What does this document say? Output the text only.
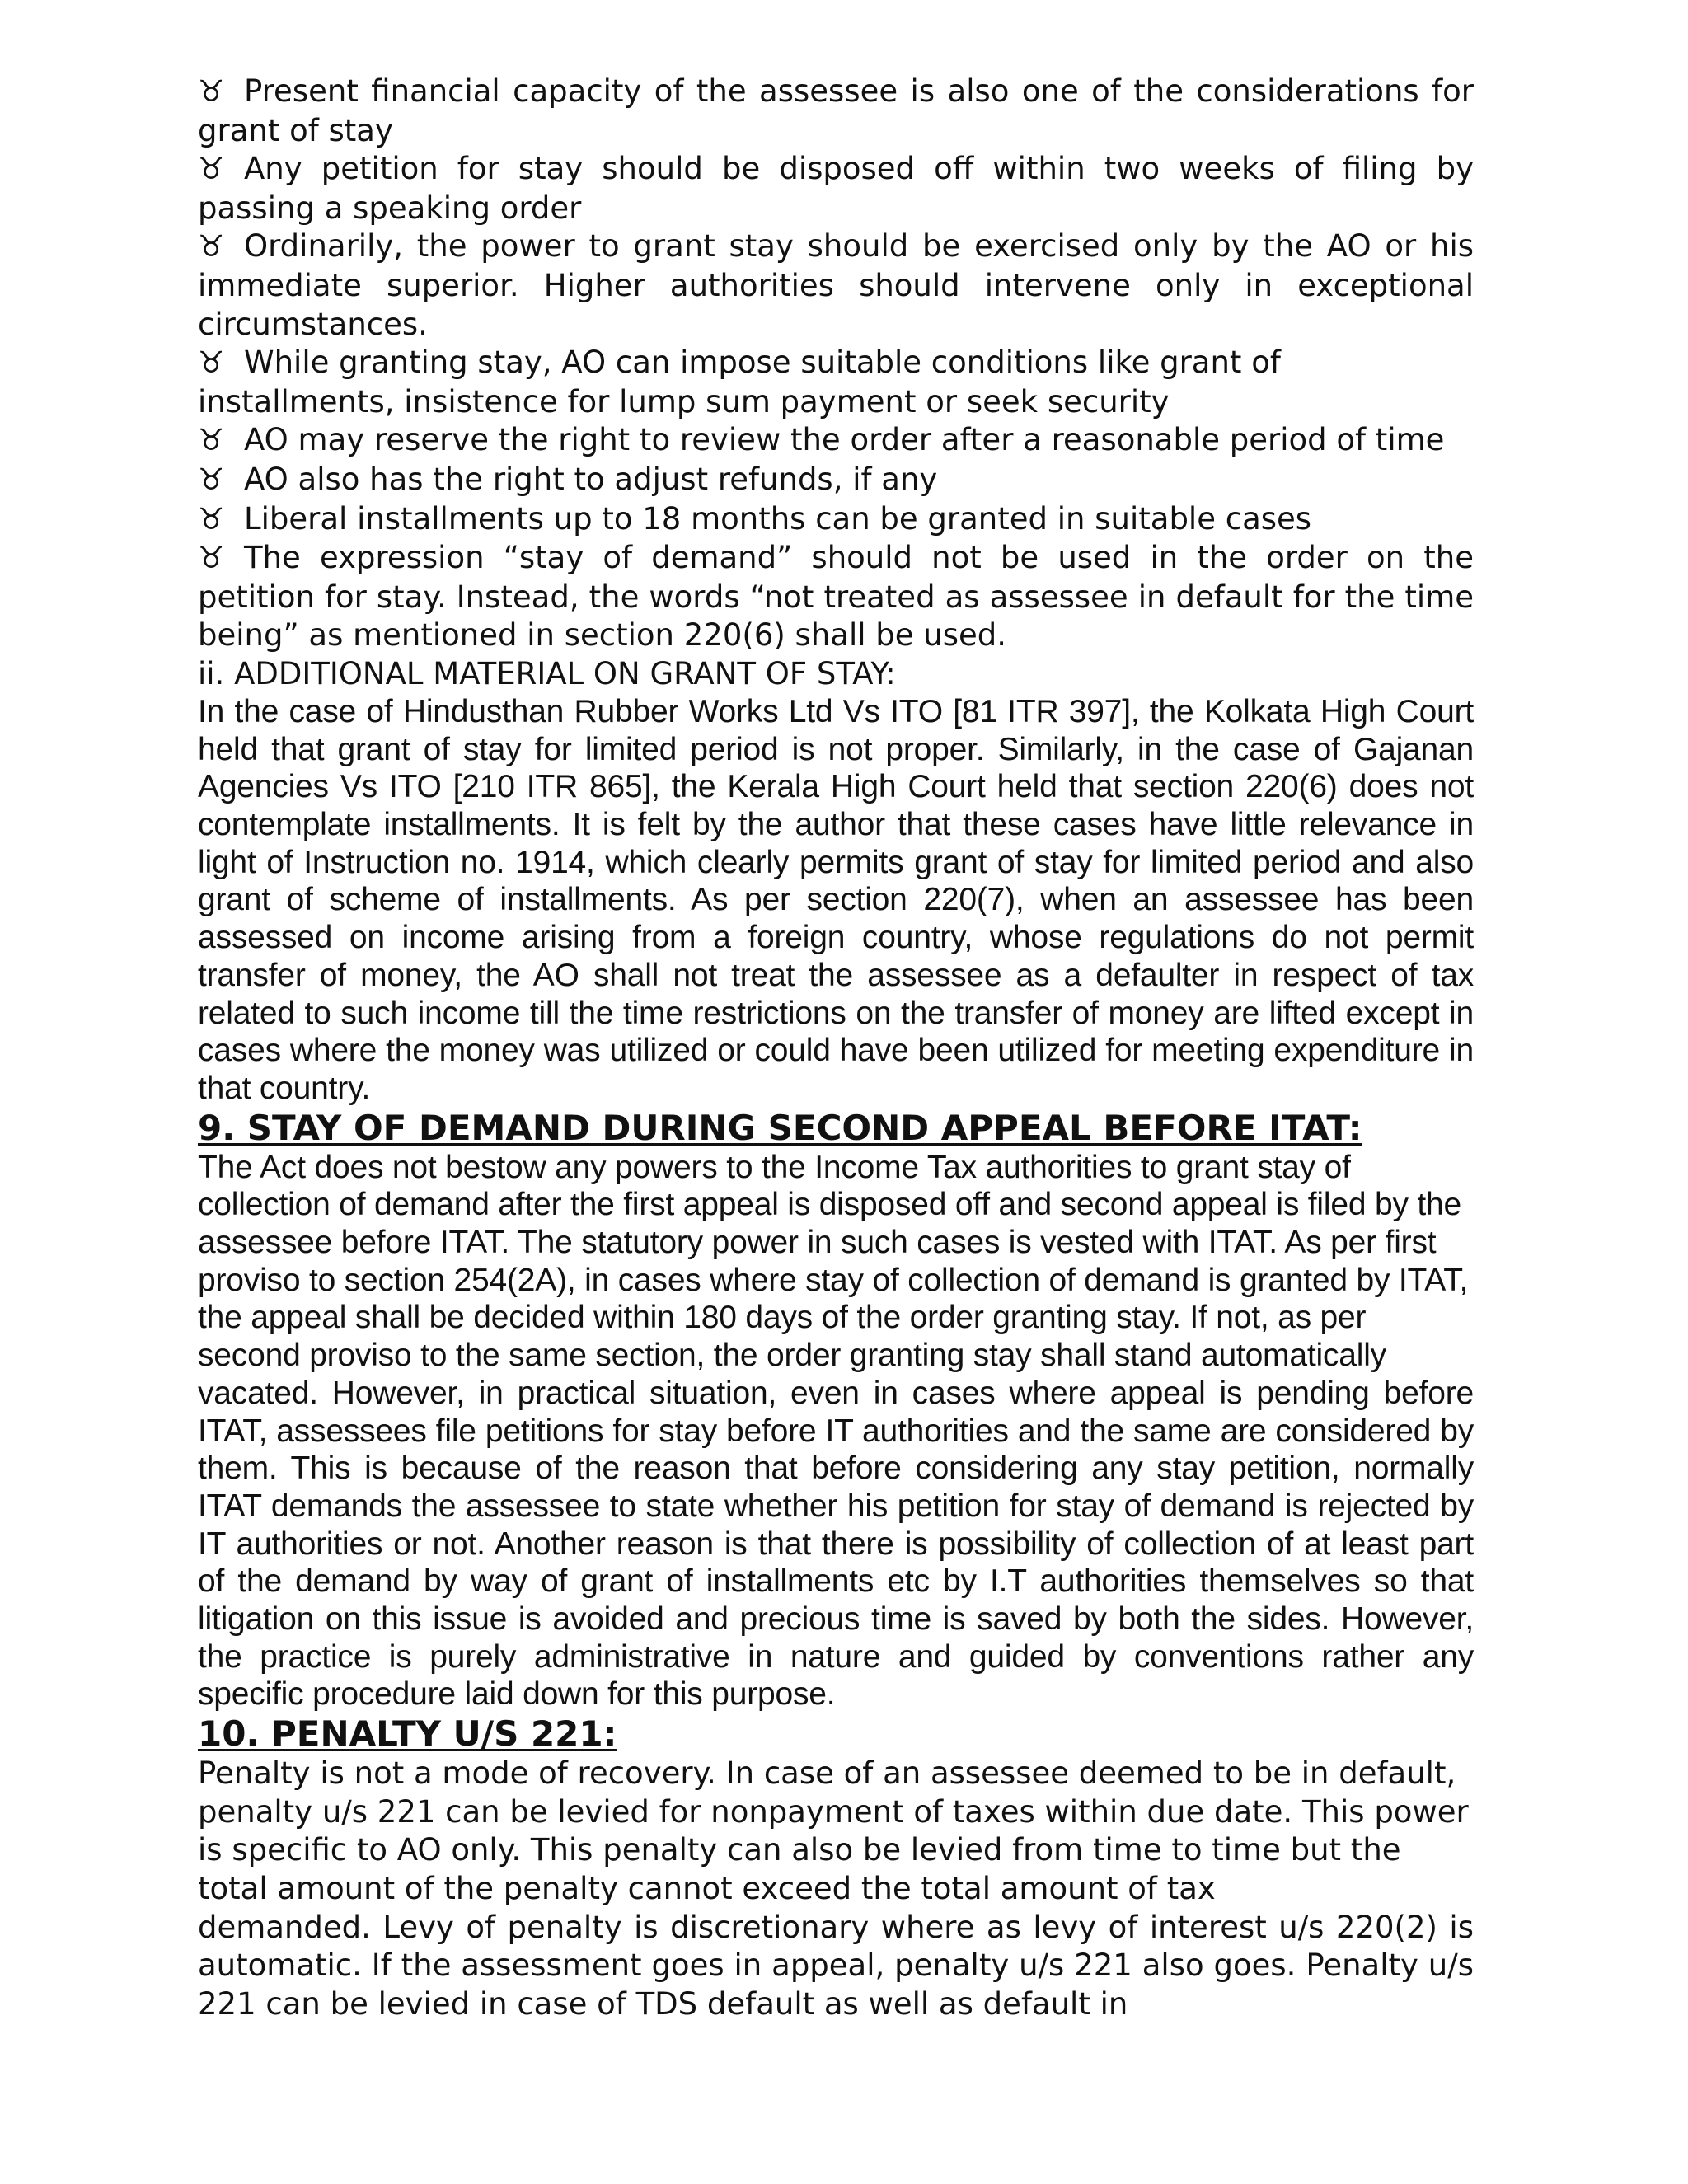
♉ Present financial capacity of the assessee is also one of the considerations for grant of stay

♉ Any petition for stay should be disposed off within two weeks of filing by passing a speaking order

♉ Ordinarily, the power to grant stay should be exercised only by the AO or his immediate superior. Higher authorities should intervene only in exceptional circumstances.

♉ While granting stay, AO can impose suitable conditions like grant of installments, insistence for lump sum payment or seek security

♉ AO may reserve the right to review the order after a reasonable period of time

♉ AO also has the right to adjust refunds, if any

♉ Liberal installments up to 18 months can be granted in suitable cases

♉ The expression “stay of demand” should not be used in the order on the petition for stay. Instead, the words “not treated as assessee in default for the time being” as mentioned in section 220(6) shall be used.

ii. ADDITIONAL MATERIAL ON GRANT OF STAY:

In the case of Hindusthan Rubber Works Ltd Vs ITO [81 ITR 397], the Kolkata High Court held that grant of stay for limited period is not proper. Similarly, in the case of Gajanan Agencies Vs ITO [210 ITR 865], the Kerala High Court held that section 220(6) does not contemplate installments. It is felt by the author that these cases have little relevance in light of Instruction no. 1914, which clearly permits grant of stay for limited period and also grant of scheme of installments. As per section 220(7), when an assessee has been assessed on income arising from a foreign country, whose regulations do not permit transfer of money, the AO shall not treat the assessee as a defaulter in respect of tax related to such income till the time restrictions on the transfer of money are lifted except in cases where the money was utilized or could have been utilized for meeting expenditure in that country.

9. STAY OF DEMAND DURING SECOND APPEAL BEFORE ITAT:

The Act does not bestow any powers to the Income Tax authorities to grant stay of collection of demand after the first appeal is disposed off and second appeal is filed by the assessee before ITAT. The statutory power in such cases is vested with ITAT. As per first proviso to section 254(2A), in cases where stay of collection of demand is granted by ITAT, the appeal shall be decided within 180 days of the order granting stay. If not, as per second proviso to the same section, the order granting stay shall stand automatically

vacated. However, in practical situation, even in cases where appeal is pending before ITAT, assessees file petitions for stay before IT authorities and the same are considered by them. This is because of the reason that before considering any stay petition, normally ITAT demands the assessee to state whether his petition for stay of demand is rejected by IT authorities or not. Another reason is that there is possibility of collection of at least part of the demand by way of grant of installments etc by I.T authorities themselves so that litigation on this issue is avoided and precious time is saved by both the sides. However, the practice is purely administrative in nature and guided by conventions rather any specific procedure laid down for this purpose.

10. PENALTY U/S 221:

Penalty is not a mode of recovery. In case of an assessee deemed to be in default, penalty u/s 221 can be levied for nonpayment of taxes within due date. This power is specific to AO only. This penalty can also be levied from time to time but the total amount of the penalty cannot exceed the total amount of tax

demanded. Levy of penalty is discretionary where as levy of interest u/s 220(2) is automatic. If the assessment goes in appeal, penalty u/s 221 also goes. Penalty u/s 221 can be levied in case of TDS default as well as default in
